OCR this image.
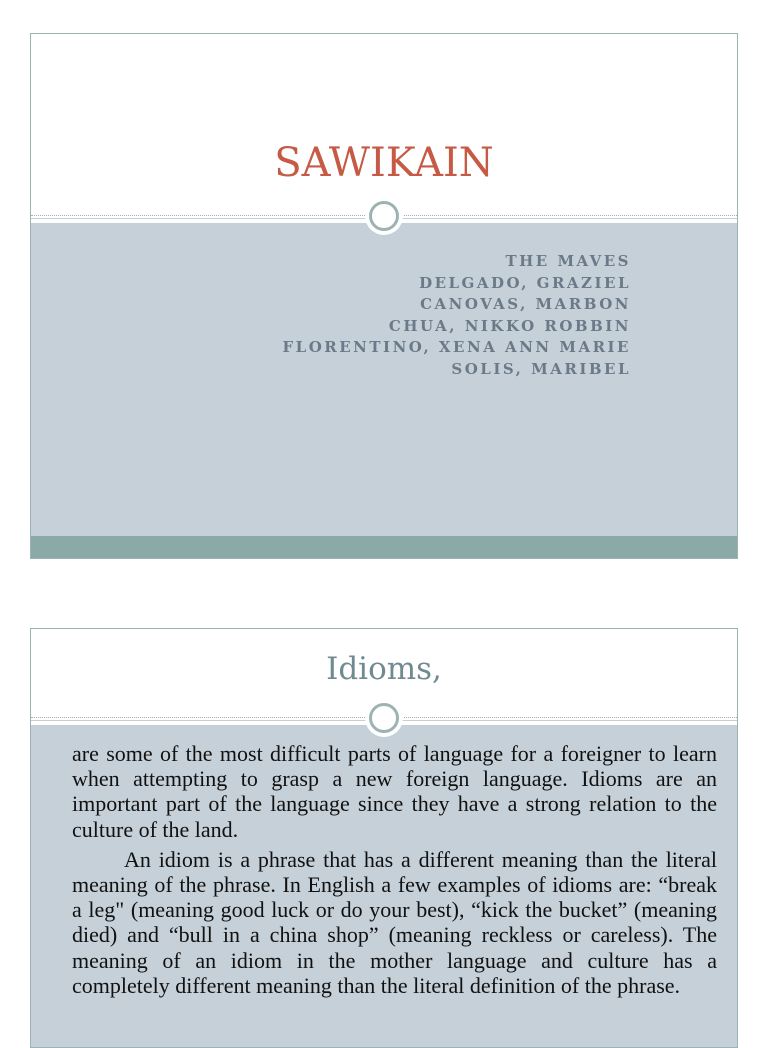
SAWIKAIN
THE MAVES
DELGADO, GRAZIEL
CANOVAS, MARBON
CHUA, NIKKO ROBBIN
FLORENTINO, XENA ANN MARIE
SOLIS, MARIBEL
Idioms,

are some of the most difficult parts of language for a foreigner to learn when attempting to grasp a new foreign language. Idioms are an important part of the language since they have a strong relation to the culture of the land.

An idiom is a phrase that has a different meaning than the literal meaning of the phrase. In English a few examples of idioms are: “break a leg" (meaning good luck or do your best), “kick the bucket” (meaning died) and “bull in a china shop” (meaning reckless or careless). The meaning of an idiom in the mother language and culture has a completely different meaning than the literal definition of the phrase.
